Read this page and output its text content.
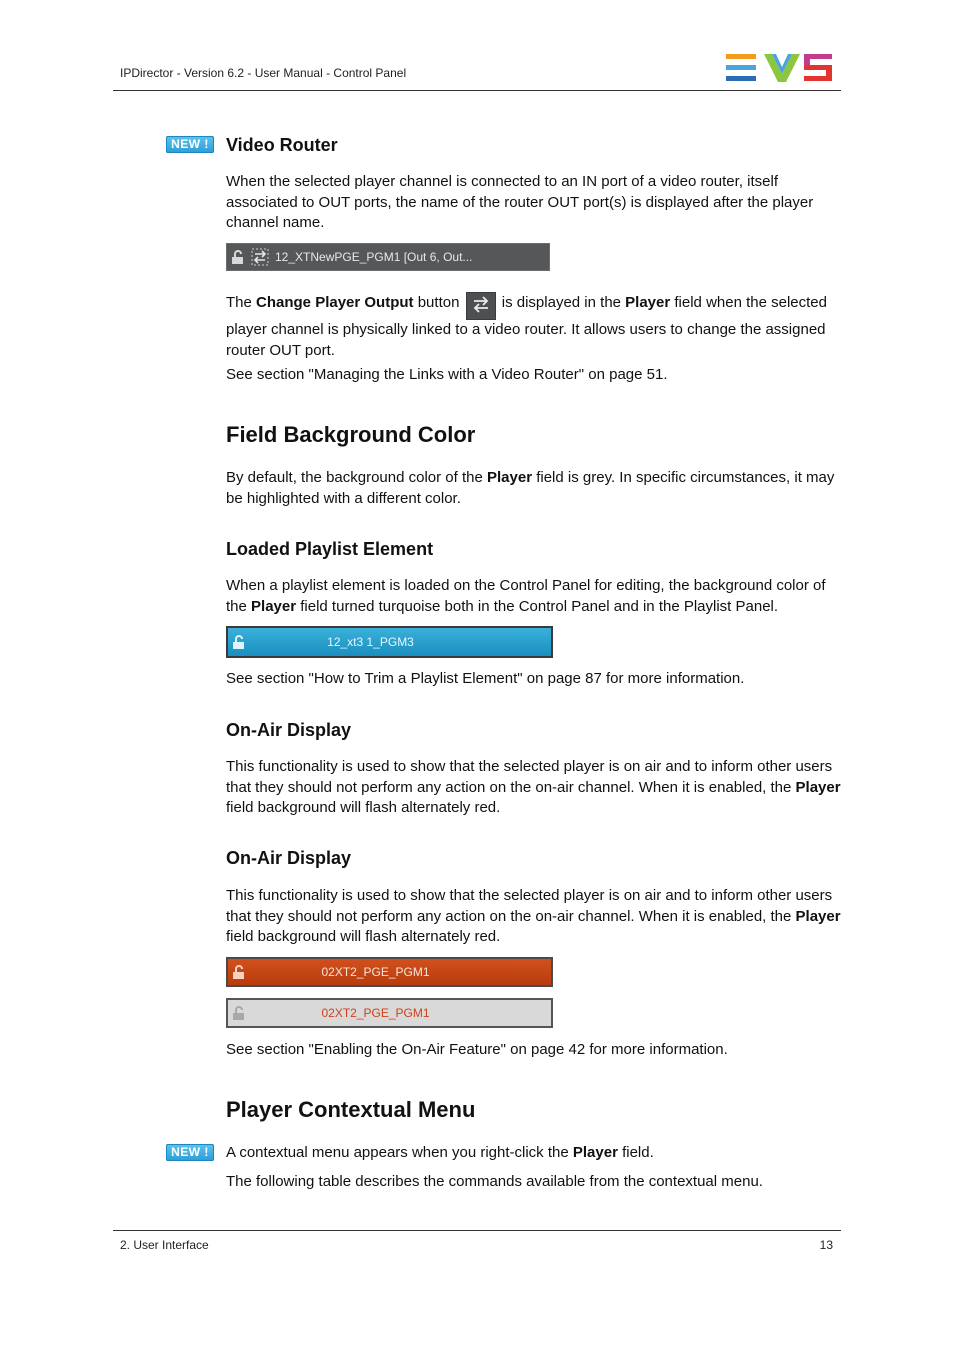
IPDirector - Version 6.2 - User Manual - Control Panel
NEW ! Video Router
When the selected player channel is connected to an IN port of a video router, itself associated to OUT ports, the name of the router OUT port(s) is displayed after the player channel name.
12_XTNewPGE_PGM1 [Out 6, Out...
The Change Player Output button  is displayed in the Player field when the selected player channel is physically linked to a video router. It allows users to change the assigned router OUT port.
See section "Managing the Links with a Video Router" on page 51.
Field Background Color
By default, the background color of the Player field is grey. In specific circumstances, it may be highlighted with a different color.
Loaded Playlist Element
When a playlist element is loaded on the Control Panel for editing, the background color of the Player field turned turquoise both in the Control Panel and in the Playlist Panel.
12_xt3 1_PGM3
See section "How to Trim a Playlist Element" on page 87 for more information.
On-Air Display
This functionality is used to show that the selected player is on air and to inform other users that they should not perform any action on the on-air channel. When it is enabled, the Player field background will flash alternately red.
On-Air Display
This functionality is used to show that the selected player is on air and to inform other users that they should not perform any action on the on-air channel. When it is enabled, the Player field background will flash alternately red.
02XT2_PGE_PGM1
02XT2_PGE_PGM1
See section "Enabling the On-Air Feature" on page 42 for more information.
Player Contextual Menu
NEW !	A contextual menu appears when you right-click the Player field.
The following table describes the commands available from the contextual menu.
2. User Interface	13
